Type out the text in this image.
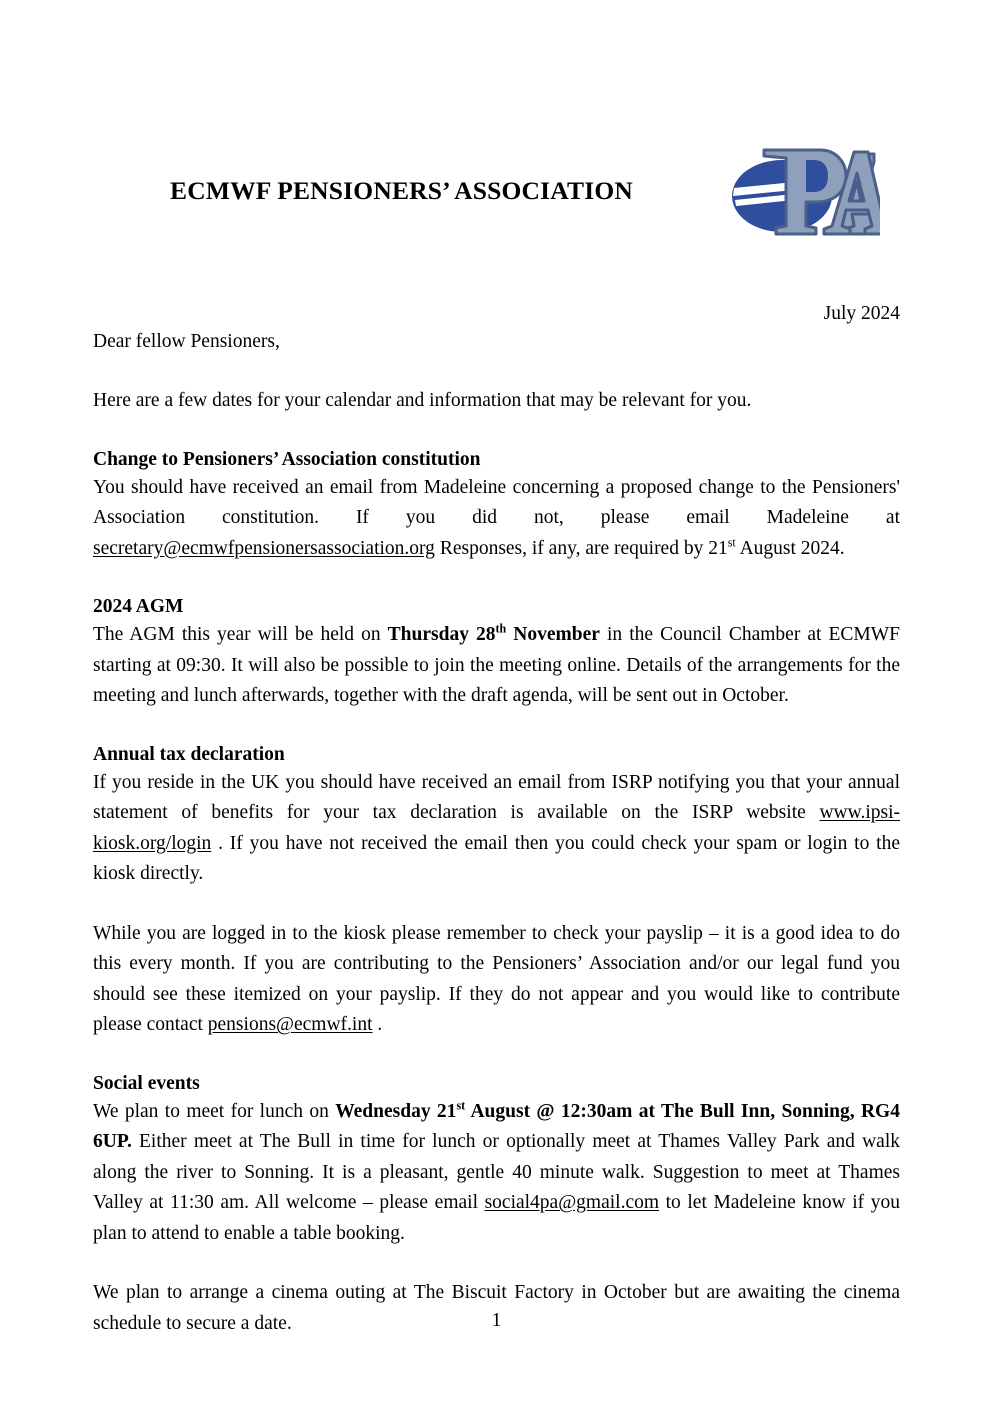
ECMWF PENSIONERS’ ASSOCIATION
July 2024
Dear fellow Pensioners,

Here are a few dates for your calendar and information that may be relevant for you.

Change to Pensioners’ Association constitution

You should have received an email from Madeleine concerning a proposed change to the Pensioners' Association constitution. If you did not, please email Madeleine at secretary@ecmwfpensionersassociation.org Responses, if any, are required by 21st August 2024.

2024 AGM

The AGM this year will be held on Thursday 28th November in the Council Chamber at ECMWF starting at 09:30. It will also be possible to join the meeting online. Details of the arrangements for the meeting and lunch afterwards, together with the draft agenda, will be sent out in October.

Annual tax declaration

If you reside in the UK you should have received an email from ISRP notifying you that your annual statement of benefits for your tax declaration is available on the ISRP website www.ipsi-kiosk.org/login . If you have not received the email then you could check your spam or login to the kiosk directly.

While you are logged in to the kiosk please remember to check your payslip – it is a good idea to do this every month. If you are contributing to the Pensioners’ Association and/or our legal fund you should see these itemized on your payslip. If they do not appear and you would like to contribute please contact pensions@ecmwf.int .

Social events

We plan to meet for lunch on Wednesday 21st August @ 12:30am at The Bull Inn, Sonning, RG4 6UP. Either meet at The Bull in time for lunch or optionally meet at Thames Valley Park and walk along the river to Sonning. It is a pleasant, gentle 40 minute walk. Suggestion to meet at Thames Valley at 11:30 am. All welcome – please email social4pa@gmail.com to let Madeleine know if you plan to attend to enable a table booking.

We plan to arrange a cinema outing at The Biscuit Factory in October but are awaiting the cinema schedule to secure a date.	1
